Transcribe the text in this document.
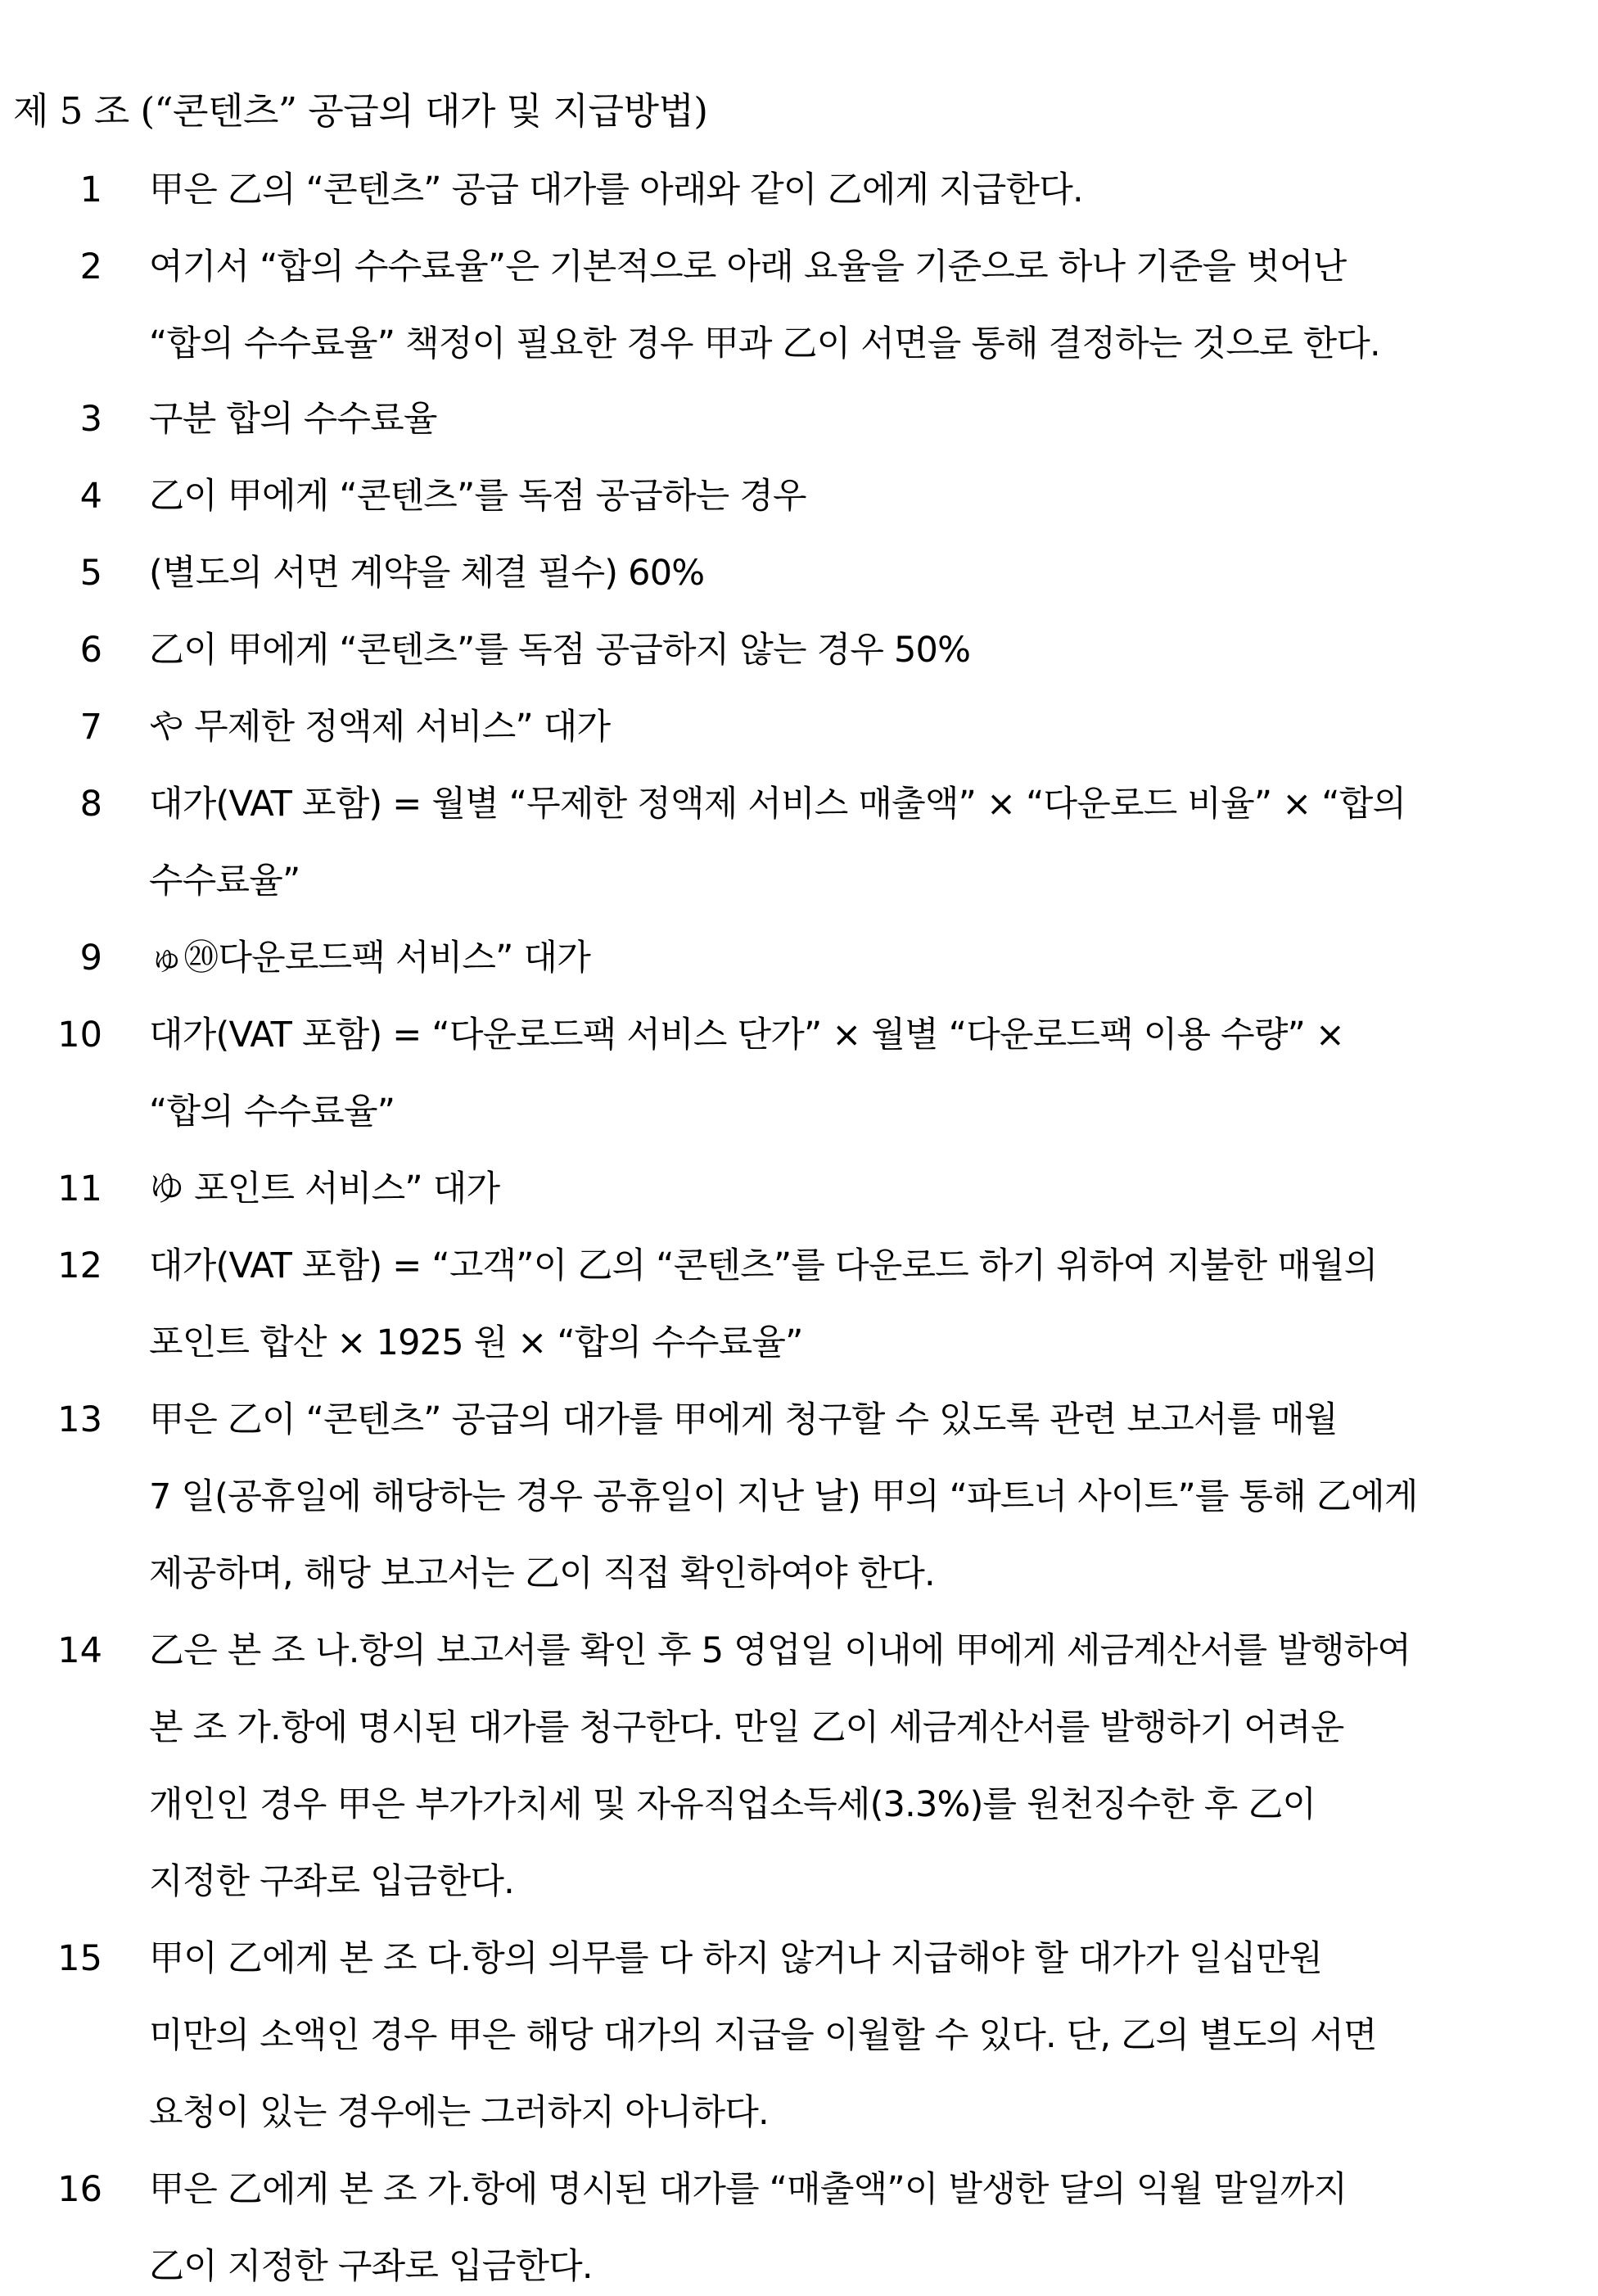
제 5 조 (“콘텐츠” 공급의 대가 및 지급방법)
1 甲은 乙의 “콘텐츠” 공급 대가를 아래와 같이 乙에게 지급한다.
2 여기서 “합의 수수료율”은 기본적으로 아래 요율을 기준으로 하나 기준을 벗어난
“합의 수수료율” 책정이 필요한 경우 甲과 乙이 서면을 통해 결정하는 것으로 한다.
3 구분 합의 수수료율
4 乙이 甲에게 “콘텐츠”를 독점 공급하는 경우
5 (별도의 서면 계약을 체결 필수) 60%
6 乙이 甲에게 “콘텐츠”를 독점 공급하지 않는 경우 50%
7 や 무제한 정액제 서비스” 대가
8 대가(VAT 포함) = 월별 “무제한 정액제 서비스 매출액” × “다운로드 비율” × “합의
수수료율”
9 ゅ⑳다운로드팩 서비스” 대가
10 대가(VAT 포함) = “다운로드팩 서비스 단가” × 월별 “다운로드팩 이용 수량” ×
“합의 수수료율”
11 ゆ 포인트 서비스” 대가
12 대가(VAT 포함) = “고객”이 乙의 “콘텐츠”를 다운로드 하기 위하여 지불한 매월의
포인트 합산 × 1925 원 × “합의 수수료율”
13 甲은 乙이 “콘텐츠” 공급의 대가를 甲에게 청구할 수 있도록 관련 보고서를 매월
7 일(공휴일에 해당하는 경우 공휴일이 지난 날) 甲의 “파트너 사이트”를 통해 乙에게
제공하며, 해당 보고서는 乙이 직접 확인하여야 한다.
14 乙은 본 조 나.항의 보고서를 확인 후 5 영업일 이내에 甲에게 세금계산서를 발행하여
본 조 가.항에 명시된 대가를 청구한다. 만일 乙이 세금계산서를 발행하기 어려운
개인인 경우 甲은 부가가치세 및 자유직업소득세(3.3%)를 원천징수한 후 乙이
지정한 구좌로 입금한다.
15 甲이 乙에게 본 조 다.항의 의무를 다 하지 않거나 지급해야 할 대가가 일십만원
미만의 소액인 경우 甲은 해당 대가의 지급을 이월할 수 있다. 단, 乙의 별도의 서면
요청이 있는 경우에는 그러하지 아니하다.
16 甲은 乙에게 본 조 가.항에 명시된 대가를 “매출액”이 발생한 달의 익월 말일까지
乙이 지정한 구좌로 입금한다.
